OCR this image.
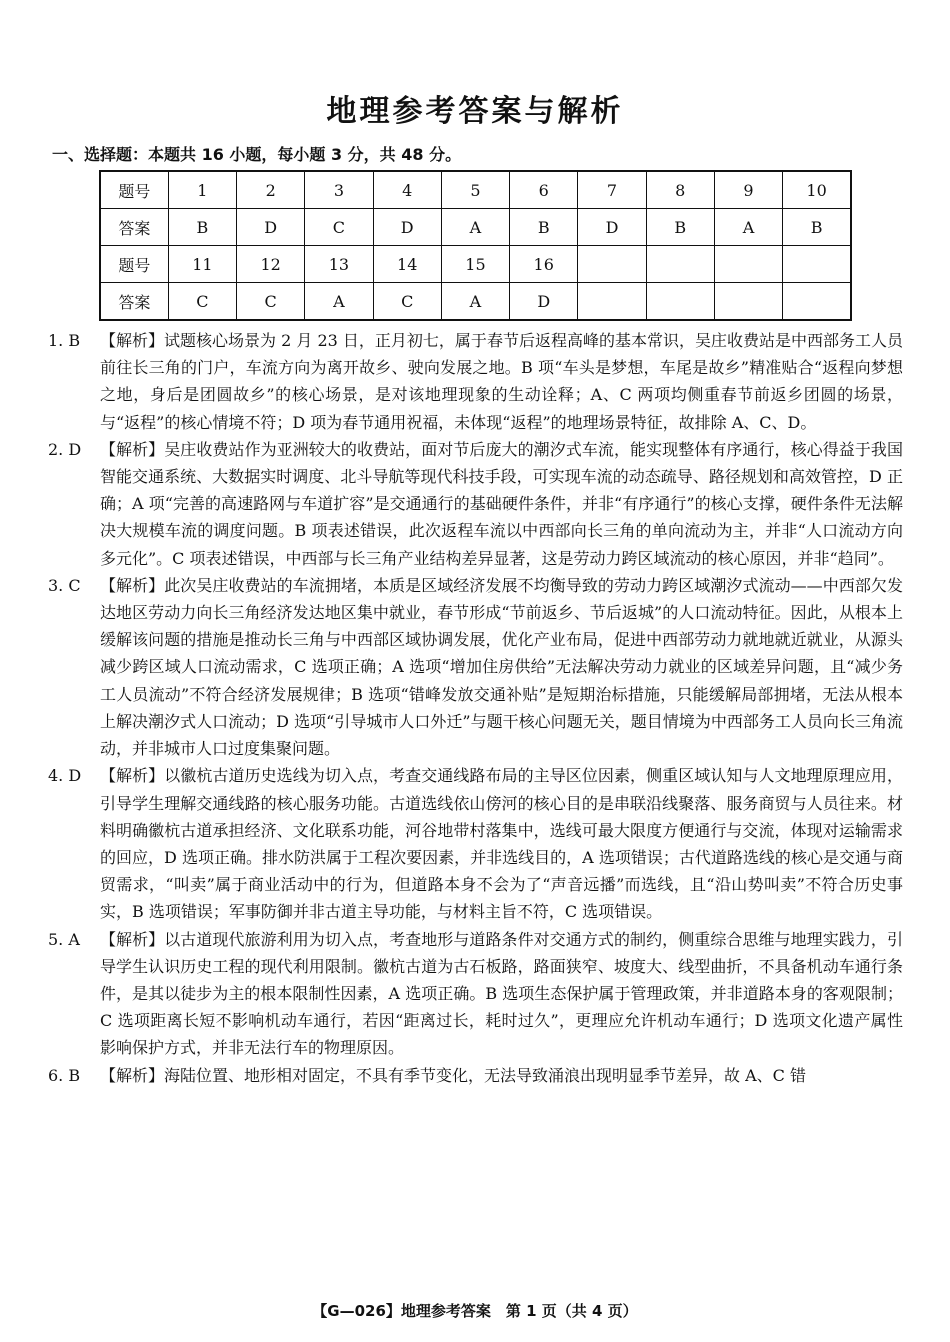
地理参考答案与解析
一、选择题：本题共 16 小题，每小题 3 分，共 48 分。
题号	1	2	3	4	5	6	7	8	9	10
答案	B	D	C	D	A	B	D	B	A	B
题号	11	12	13	14	15	16				
答案	C	C	A	C	A	D				
1. B	【解析】试题核心场景为 2 月 23 日，正月初七，属于春节后返程高峰的基本常识，吴庄收费站是中西部务工人员前往长三角的门户，车流方向为离开故乡、驶向发展之地。B 项“车头是梦想，车尾是故乡”精准贴合“返程向梦想之地，身后是团圆故乡”的核心场景，是对该地理现象的生动诠释；A、C 两项均侧重春节前返乡团圆的场景，与“返程”的核心情境不符；D 项为春节通用祝福，未体现“返程”的地理场景特征，故排除 A、C、D。
2. D	【解析】吴庄收费站作为亚洲较大的收费站，面对节后庞大的潮汐式车流，能实现整体有序通行，核心得益于我国智能交通系统、大数据实时调度、北斗导航等现代科技手段，可实现车流的动态疏导、路径规划和高效管控，D 正确；A 项“完善的高速路网与车道扩容”是交通通行的基础硬件条件，并非“有序通行”的核心支撑，硬件条件无法解决大规模车流的调度问题。B 项表述错误，此次返程车流以中西部向长三角的单向流动为主，并非“人口流动方向多元化”。C 项表述错误，中西部与长三角产业结构差异显著，这是劳动力跨区域流动的核心原因，并非“趋同”。
3. C	【解析】此次吴庄收费站的车流拥堵，本质是区域经济发展不均衡导致的劳动力跨区域潮汐式流动——中西部欠发达地区劳动力向长三角经济发达地区集中就业，春节形成“节前返乡、节后返城”的人口流动特征。因此，从根本上缓解该问题的措施是推动长三角与中西部区域协调发展，优化产业布局，促进中西部劳动力就地就近就业，从源头减少跨区域人口流动需求，C 选项正确；A 选项“增加住房供给”无法解决劳动力就业的区域差异问题，且“减少务工人员流动”不符合经济发展规律；B 选项“错峰发放交通补贴”是短期治标措施，只能缓解局部拥堵，无法从根本上解决潮汐式人口流动；D 选项“引导城市人口外迁”与题干核心问题无关，题目情境为中西部务工人员向长三角流动，并非城市人口过度集聚问题。
4. D	【解析】以徽杭古道历史选线为切入点，考查交通线路布局的主导区位因素，侧重区域认知与人文地理原理应用，引导学生理解交通线路的核心服务功能。古道选线依山傍河的核心目的是串联沿线聚落、服务商贸与人员往来。材料明确徽杭古道承担经济、文化联系功能，河谷地带村落集中，选线可最大限度方便通行与交流，体现对运输需求的回应，D 选项正确。排水防洪属于工程次要因素，并非选线目的，A 选项错误；古代道路选线的核心是交通与商贸需求，“叫卖”属于商业活动中的行为，但道路本身不会为了“声音远播”而选线，且“沿山势叫卖”不符合历史事实，B 选项错误；军事防御并非古道主导功能，与材料主旨不符，C 选项错误。
5. A	【解析】以古道现代旅游利用为切入点，考查地形与道路条件对交通方式的制约，侧重综合思维与地理实践力，引导学生认识历史工程的现代利用限制。徽杭古道为古石板路，路面狭窄、坡度大、线型曲折，不具备机动车通行条件，是其以徒步为主的根本限制性因素，A 选项正确。B 选项生态保护属于管理政策，并非道路本身的客观限制；C 选项距离长短不影响机动车通行，若因“距离过长，耗时过久”，更理应允许机动车通行；D 选项文化遗产属性影响保护方式，并非无法行车的物理原因。
6. B	【解析】海陆位置、地形相对固定，不具有季节变化，无法导致涌浪出现明显季节差异，故 A、C 错
【G—026】地理参考答案　第 1 页（共 4 页）
